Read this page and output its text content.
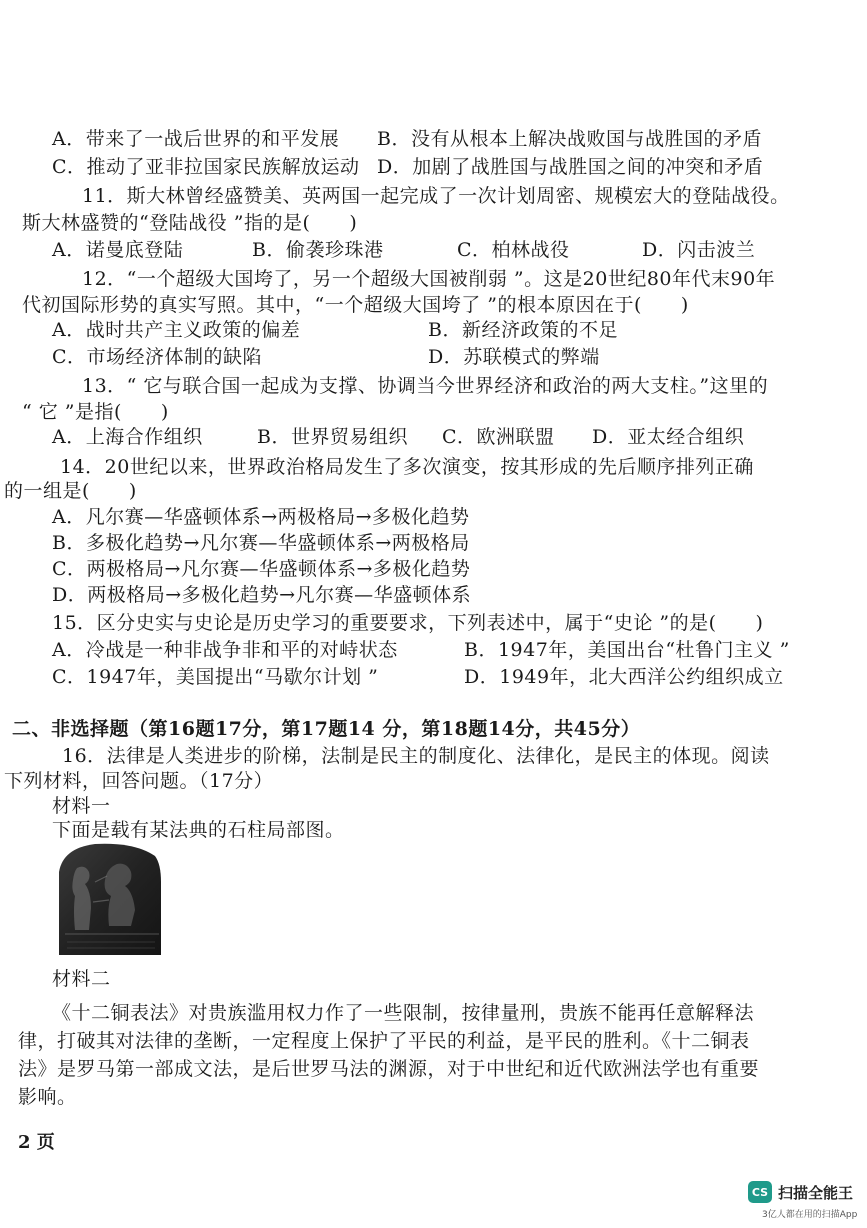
A．带来了一战后世界的和平发展	B．没有从根本上解决战败国与战胜国的矛盾
C．推动了亚非拉国家民族解放运动 D．加剧了战胜国与战胜国之间的冲突和矛盾
11．斯大林曾经盛赞美、英两国一起完成了一次计划周密、规模宏大的登陆战役。
斯大林盛赞的“登陆战役 ”指的是(　　)
A．诺曼底登陆	B．偷袭珍珠港	C．柏林战役	D．闪击波兰
12．“一个超级大国垮了，另一个超级大国被削弱 ”。这是20世纪80年代末90年
代初国际形势的真实写照。其中，“一个超级大国垮了 ”的根本原因在于(　　)
A．战时共产主义政策的偏差	B．新经济政策的不足
C．市场经济体制的缺陷	D．苏联模式的弊端
13．“ 它与联合国一起成为支撑、协调当今世界经济和政治的两大支柱。”这里的
“ 它 ”是指(　　)
A．上海合作组织	B．世界贸易组织	C．欧洲联盟	D．亚太经合组织
14．20世纪以来，世界政治格局发生了多次演变，按其形成的先后顺序排列正确
的一组是(　　)
A．凡尔赛—华盛顿体系→两极格局→多极化趋势
B．多极化趋势→凡尔赛—华盛顿体系→两极格局
C．两极格局→凡尔赛—华盛顿体系→多极化趋势
D．两极格局→多极化趋势→凡尔赛—华盛顿体系
15．区分史实与史论是历史学习的重要要求，下列表述中，属于“史论 ”的是(　　)
A．冷战是一种非战争非和平的对峙状态	B．1947年，美国出台“杜鲁门主义 ”
C．1947年，美国提出“马歇尔计划 ”	D．1949年，北大西洋公约组织成立
二、非选择题（第16题17分，第17题14 分，第18题14分，共45分）
16．法律是人类进步的阶梯，法制是民主的制度化、法律化，是民主的体现。阅读
下列材料，回答问题。（17分）
材料一
下面是载有某法典的石柱局部图。
材料二
《十二铜表法》对贵族滥用权力作了一些限制，按律量刑，贵族不能再任意解释法
律，打破其对法律的垄断，一定程度上保护了平民的利益，是平民的胜利。《十二铜表
法》是罗马第一部成文法，是后世罗马法的渊源，对于中世纪和近代欧洲法学也有重要
影响。
2 页
CS 扫描全能王
3亿人都在用的扫描App
